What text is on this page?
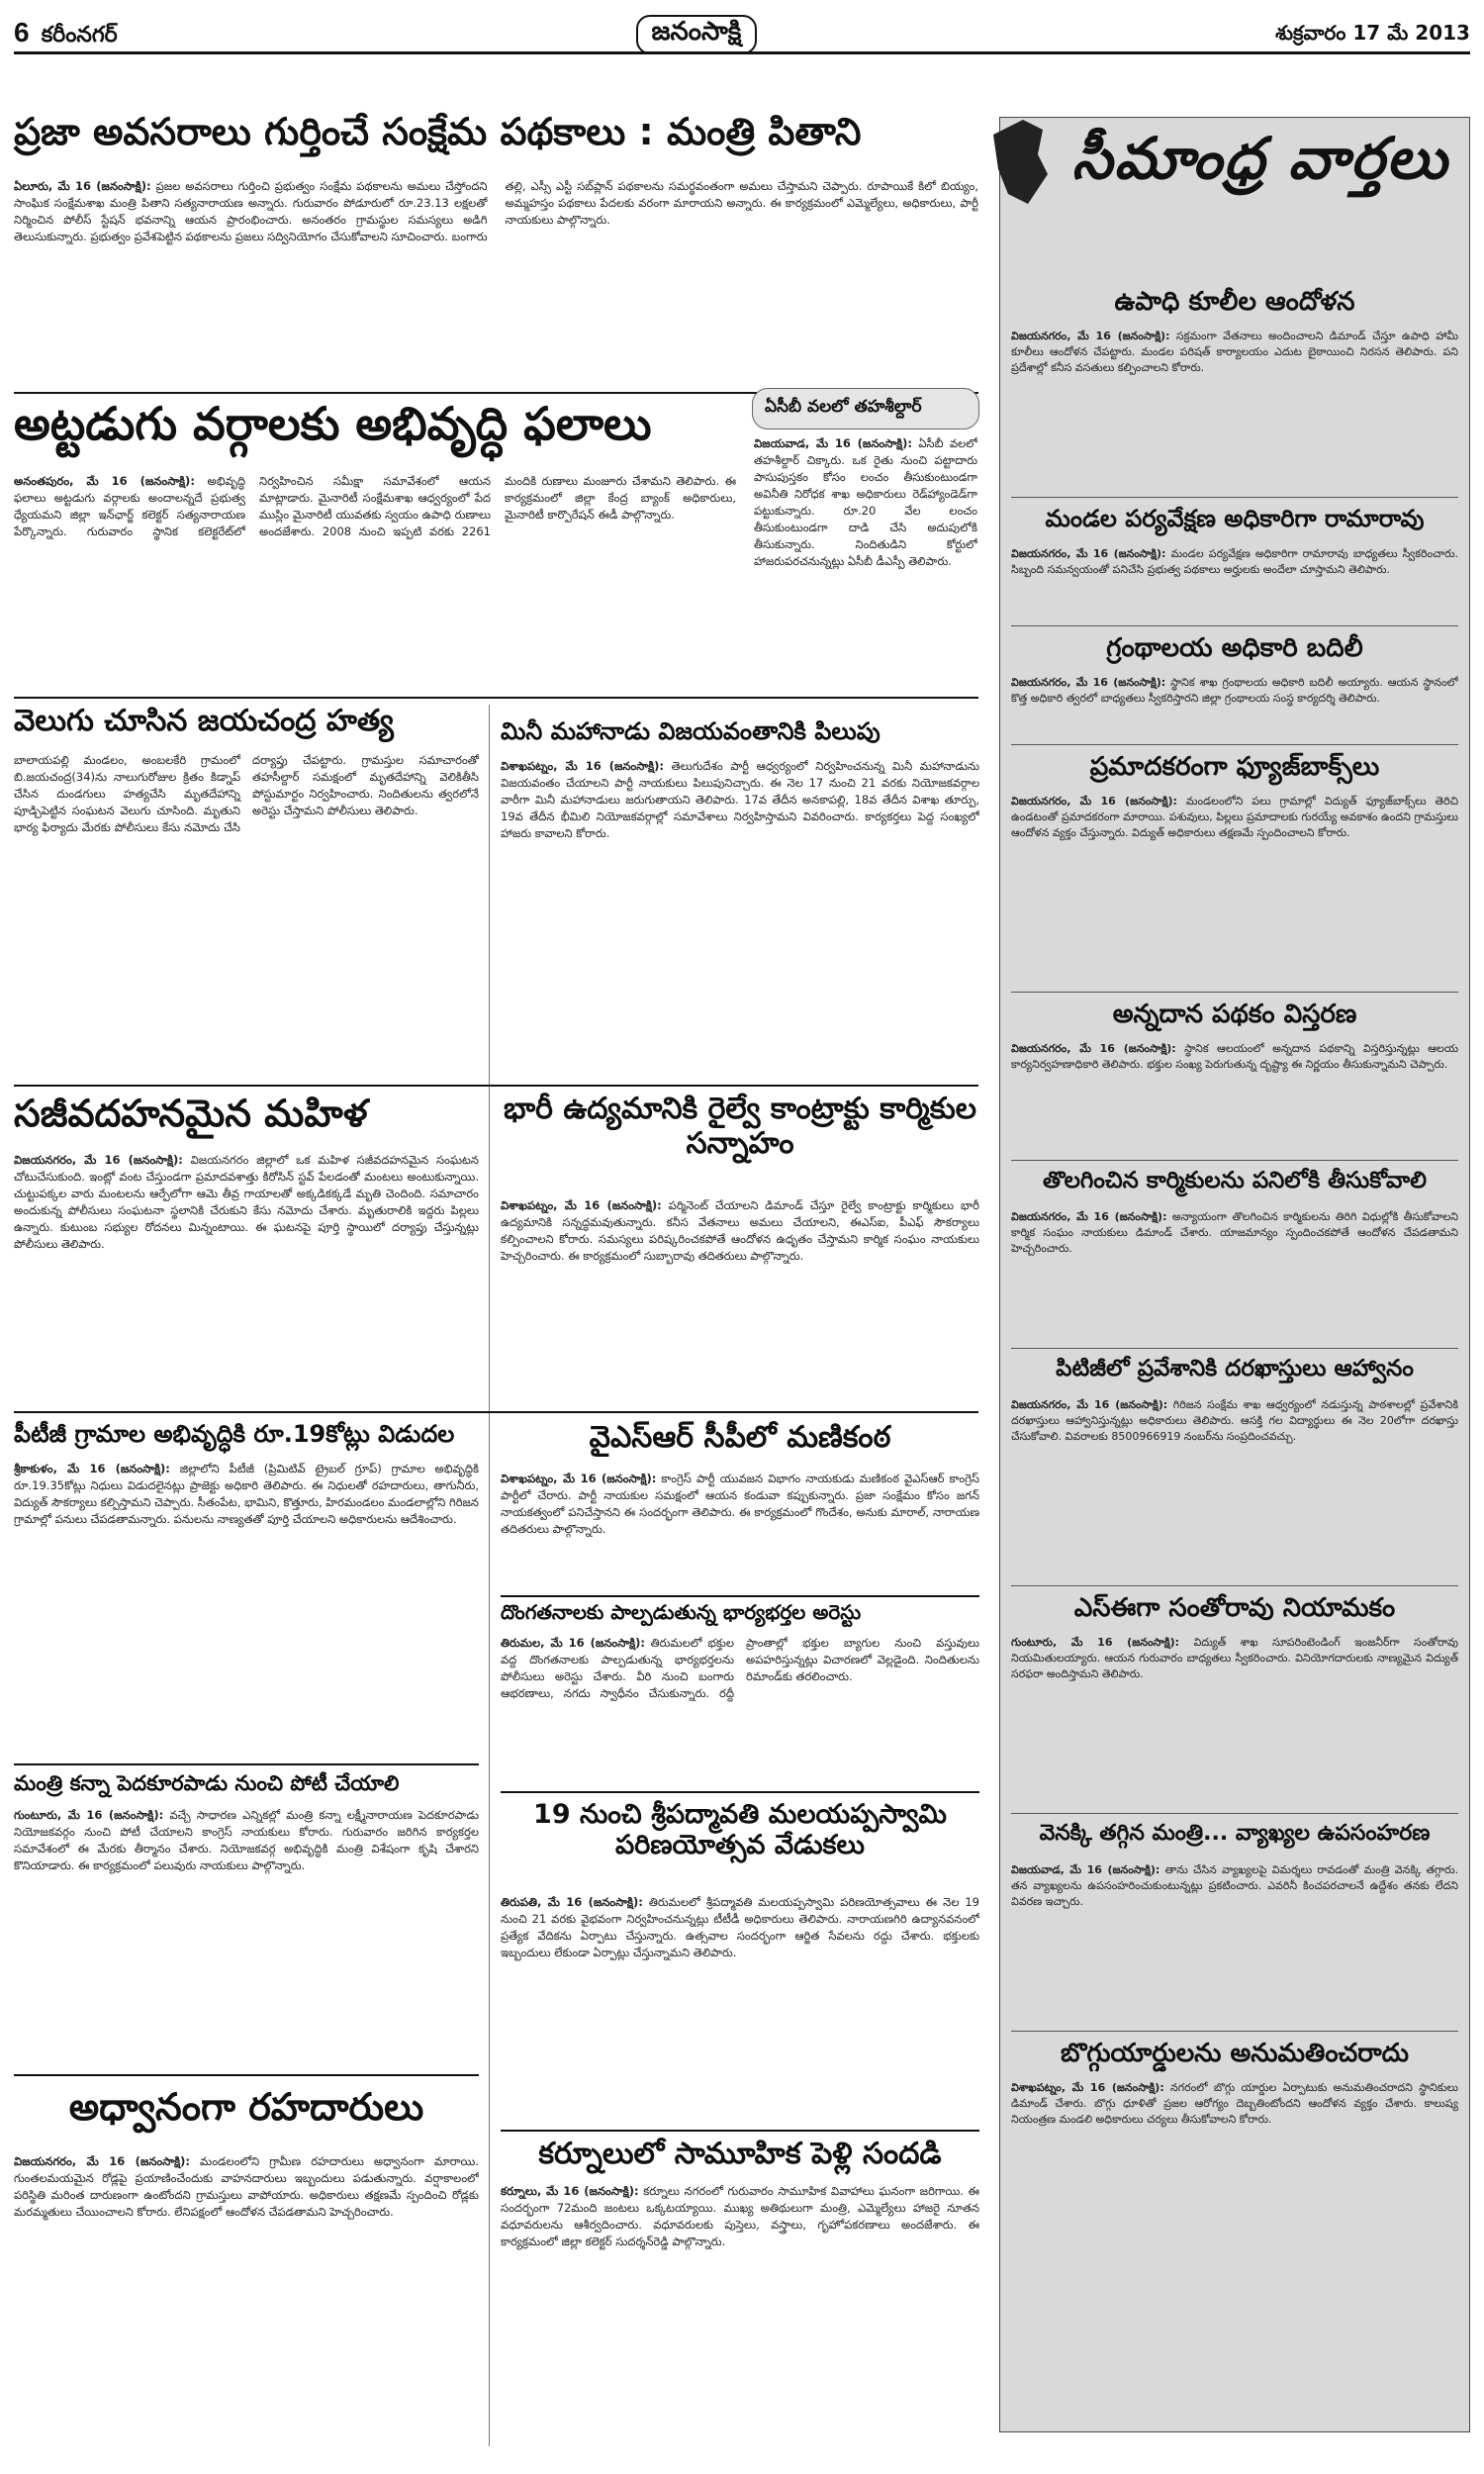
6 కరీంనగర్	జనంసాక్షి	శుక్రవారం 17 మే 2013
ప్రజా అవసరాలు గుర్తించే సంక్షేమ పథకాలు : మంత్రి పితాని

ఏలూరు, మే 16 (జనంసాక్షి): ప్రజల అవసరాలు గుర్తించి ప్రభుత్వం సంక్షేమ పథకాలను అమలు చేస్తోందని సాంఘిక సంక్షేమశాఖ మంత్రి పితాని సత్యనారాయణ అన్నారు. గురువారం పోడూరులో రూ.23.13 లక్షలతో నిర్మించిన పోలీస్ స్టేషన్ భవనాన్ని ఆయన ప్రారంభించారు. అనంతరం గ్రామస్థుల సమస్యలు అడిగి తెలుసుకున్నారు. ప్రభుత్వం ప్రవేశపెట్టిన పథకాలను ప్రజలు సద్వినియోగం చేసుకోవాలని సూచించారు. బంగారు తల్లి, ఎస్సీ ఎస్టీ సబ్‌ప్లాన్ పథకాలను సమర్థవంతంగా అమలు చేస్తామని చెప్పారు. రూపాయికే కిలో బియ్యం, అమ్మహస్తం పథకాలు పేదలకు వరంగా మారాయని అన్నారు. ఈ కార్యక్రమంలో ఎమ్మెల్యేలు, అధికారులు, పార్టీ నాయకులు పాల్గొన్నారు.

అట్టడుగు వర్గాలకు అభివృద్ధి ఫలాలు

అనంతపురం, మే 16 (జనంసాక్షి): అభివృద్ధి ఫలాలు అట్టడుగు వర్గాలకు అందాలన్నదే ప్రభుత్వ ధ్యేయమని జిల్లా ఇన్‌ఛార్జ్ కలెక్టర్ సత్యనారాయణ పేర్కొన్నారు. గురువారం స్థానిక కలెక్టరేట్‌లో నిర్వహించిన సమీక్షా సమావేశంలో ఆయన మాట్లాడారు. మైనారిటీ సంక్షేమశాఖ ఆధ్వర్యంలో పేద ముస్లిం మైనారిటీ యువతకు స్వయం ఉపాధి రుణాలు అందజేశారు. 2008 నుంచి ఇప్పటి వరకు 2261 మందికి రుణాలు మంజూరు చేశామని తెలిపారు. ఈ కార్యక్రమంలో జిల్లా కేంద్ర బ్యాంక్ అధికారులు, మైనారిటీ కార్పొరేషన్ ఈడీ పాల్గొన్నారు.

ఏసీబీ వలలో తహశీల్దార్

విజయవాడ, మే 16 (జనంసాక్షి): ఏసీబీ వలలో తహశీల్దార్ చిక్కారు. ఒక రైతు నుంచి పట్టాదారు పాసుపుస్తకం కోసం లంచం తీసుకుంటుండగా అవినీతి నిరోధక శాఖ అధికారులు రెడ్‌హ్యాండెడ్‌గా పట్టుకున్నారు. రూ.20 వేల లంచం తీసుకుంటుండగా దాడి చేసి అదుపులోకి తీసుకున్నారు. నిందితుడిని కోర్టులో హాజరుపరచనున్నట్లు ఏసీబీ డీఎస్పీ తెలిపారు.

వెలుగు చూసిన జయచంద్ర హత్య

బాలాయపల్లి మండలం, అంబలకేరి గ్రామంలో బి.జయచంద్ర(34)ను నాలుగురోజుల క్రితం కిడ్నాప్ చేసిన దుండగులు హత్యచేసి మృతదేహాన్ని పూడ్చిపెట్టిన సంఘటన వెలుగు చూసింది. మృతుని భార్య ఫిర్యాదు మేరకు పోలీసులు కేసు నమోదు చేసి దర్యాప్తు చేపట్టారు. గ్రామస్తుల సమాచారంతో తహసీల్దార్ సమక్షంలో మృతదేహాన్ని వెలికితీసి పోస్టుమార్టం నిర్వహించారు. నిందితులను త్వరలోనే అరెస్టు చేస్తామని పోలీసులు తెలిపారు.

మినీ మహానాడు విజయవంతానికి పిలుపు

విశాఖపట్నం, మే 16 (జనంసాక్షి): తెలుగుదేశం పార్టీ ఆధ్వర్యంలో నిర్వహించనున్న మినీ మహానాడును విజయవంతం చేయాలని పార్టీ నాయకులు పిలుపునిచ్చారు. ఈ నెల 17 నుంచి 21 వరకు నియోజకవర్గాల వారీగా మినీ మహానాడులు జరుగుతాయని తెలిపారు. 17వ తేదీన అనకాపల్లి, 18వ తేదీన విశాఖ తూర్పు, 19వ తేదీన భీమిలి నియోజకవర్గాల్లో సమావేశాలు నిర్వహిస్తామని వివరించారు. కార్యకర్తలు పెద్ద సంఖ్యలో హాజరు కావాలని కోరారు.

సజీవదహనమైన మహిళ

విజయనగరం, మే 16 (జనంసాక్షి): విజయనగరం జిల్లాలో ఒక మహిళ సజీవదహనమైన సంఘటన చోటుచేసుకుంది. ఇంట్లో వంట చేస్తుండగా ప్రమాదవశాత్తు కిరోసిన్ స్టవ్ పేలడంతో మంటలు అంటుకున్నాయి. చుట్టుపక్కల వారు మంటలను ఆర్పేలోగా ఆమె తీవ్ర గాయాలతో అక్కడికక్కడే మృతి చెందింది. సమాచారం అందుకున్న పోలీసులు సంఘటనా స్థలానికి చేరుకుని కేసు నమోదు చేశారు. మృతురాలికి ఇద్దరు పిల్లలు ఉన్నారు. కుటుంబ సభ్యుల రోదనలు మిన్నంటాయి. ఈ ఘటనపై పూర్తి స్థాయిలో దర్యాప్తు చేస్తున్నట్లు పోలీసులు తెలిపారు.

భారీ ఉద్యమానికి రైల్వే కాంట్రాక్టు కార్మికుల సన్నాహం

విశాఖపట్నం, మే 16 (జనంసాక్షి): పర్మినెంట్ చేయాలని డిమాండ్ చేస్తూ రైల్వే కాంట్రాక్టు కార్మికులు భారీ ఉద్యమానికి సన్నద్ధమవుతున్నారు. కనీస వేతనాలు అమలు చేయాలని, ఈఎస్‌ఐ, పీఎఫ్ సౌకర్యాలు కల్పించాలని కోరారు. సమస్యలు పరిష్కరించకపోతే ఆందోళన ఉధృతం చేస్తామని కార్మిక సంఘం నాయకులు హెచ్చరించారు. ఈ కార్యక్రమంలో సుబ్బారావు తదితరులు పాల్గొన్నారు.

పీటీజీ గ్రామాల అభివృద్ధికి రూ.19కోట్లు విడుదల

శ్రీకాకుళం, మే 16 (జనంసాక్షి): జిల్లాలోని పీటీజీ (ప్రిమిటివ్ ట్రైబల్ గ్రూప్) గ్రామాల అభివృద్ధికి రూ.19.35కోట్లు నిధులు విడుదలైనట్లు ప్రాజెక్టు అధికారి తెలిపారు. ఈ నిధులతో రహదారులు, తాగునీరు, విద్యుత్ సౌకర్యాలు కల్పిస్తామని చెప్పారు. సీతంపేట, భామిని, కొత్తూరు, హిరమండలం మండలాల్లోని గిరిజన గ్రామాల్లో పనులు చేపడతామన్నారు. పనులను నాణ్యతతో పూర్తి చేయాలని అధికారులను ఆదేశించారు.

వైఎస్‌ఆర్ సీపీలో మణికంఠ

విశాఖపట్నం, మే 16 (జనంసాక్షి): కాంగ్రెస్ పార్టీ యువజన విభాగం నాయకుడు మణికంఠ వైఎస్‌ఆర్ కాంగ్రెస్ పార్టీలో చేరారు. పార్టీ నాయకుల సమక్షంలో ఆయన కండువా కప్పుకున్నారు. ప్రజా సంక్షేమం కోసం జగన్ నాయకత్వంలో పనిచేస్తానని ఈ సందర్భంగా తెలిపారు. ఈ కార్యక్రమంలో గొందేశం, అనుకు మారాల్, నారాయణ తదితరులు పాల్గొన్నారు.

దొంగతనాలకు పాల్పడుతున్న భార్యభర్తల అరెస్టు

తిరుమల, మే 16 (జనంసాక్షి): తిరుమలలో భక్తుల వద్ద దొంగతనాలకు పాల్పడుతున్న భార్యభర్తలను పోలీసులు అరెస్టు చేశారు. వీరి నుంచి బంగారు ఆభరణాలు, నగదు స్వాధీనం చేసుకున్నారు. రద్దీ ప్రాంతాల్లో భక్తుల బ్యాగుల నుంచి వస్తువులు అపహరిస్తున్నట్లు విచారణలో వెల్లడైంది. నిందితులను రిమాండ్‌కు తరలించారు.

మంత్రి కన్నా పెదకూరపాడు నుంచి పోటీ చేయాలి

గుంటూరు, మే 16 (జనంసాక్షి): వచ్చే సాధారణ ఎన్నికల్లో మంత్రి కన్నా లక్ష్మీనారాయణ పెదకూరపాడు నియోజకవర్గం నుంచి పోటీ చేయాలని కాంగ్రెస్ నాయకులు కోరారు. గురువారం జరిగిన కార్యకర్తల సమావేశంలో ఈ మేరకు తీర్మానం చేశారు. నియోజకవర్గ అభివృద్ధికి మంత్రి విశేషంగా కృషి చేశారని కొనియాడారు. ఈ కార్యక్రమంలో పలువురు నాయకులు పాల్గొన్నారు.

19 నుంచి శ్రీపద్మావతి మలయప్పస్వామి పరిణయోత్సవ వేడుకలు

తిరుపతి, మే 16 (జనంసాక్షి): తిరుమలలో శ్రీపద్మావతి మలయప్పస్వామి పరిణయోత్సవాలు ఈ నెల 19 నుంచి 21 వరకు వైభవంగా నిర్వహించనున్నట్లు టీటీడీ అధికారులు తెలిపారు. నారాయణగిరి ఉద్యానవనంలో ప్రత్యేక వేదికను ఏర్పాటు చేస్తున్నారు. ఉత్సవాల సందర్భంగా ఆర్జిత సేవలను రద్దు చేశారు. భక్తులకు ఇబ్బందులు లేకుండా ఏర్పాట్లు చేస్తున్నామని తెలిపారు.

అధ్వానంగా రహదారులు

విజయనగరం, మే 16 (జనంసాక్షి): మండలంలోని గ్రామీణ రహదారులు అధ్వానంగా మారాయి. గుంతలమయమైన రోడ్లపై ప్రయాణించేందుకు వాహనదారులు ఇబ్బందులు పడుతున్నారు. వర్షాకాలంలో పరిస్థితి మరింత దారుణంగా ఉంటోందని గ్రామస్తులు వాపోయారు. అధికారులు తక్షణమే స్పందించి రోడ్లకు మరమ్మతులు చేయించాలని కోరారు. లేనిపక్షంలో ఆందోళన చేపడతామని హెచ్చరించారు.

కర్నూలులో సామూహిక పెళ్లి సందడి

కర్నూలు, మే 16 (జనంసాక్షి): కర్నూలు నగరంలో గురువారం సామూహిక వివాహాలు ఘనంగా జరిగాయి. ఈ సందర్భంగా 72మంది జంటలు ఒక్కటయ్యాయి. ముఖ్య అతిథులుగా మంత్రి, ఎమ్మెల్యేలు హాజరై నూతన వధూవరులను ఆశీర్వదించారు. వధూవరులకు పుస్తెలు, వస్త్రాలు, గృహోపకరణాలు అందజేశారు. ఈ కార్యక్రమంలో జిల్లా కలెక్టర్ సుదర్శన్‌రెడ్డి పాల్గొన్నారు.

సీమాంధ్ర వార్తలు
ఉపాధి కూలీల ఆందోళన
విజయనగరం, మే 16 (జనంసాక్షి): సక్రమంగా వేతనాలు అందించాలని డిమాండ్ చేస్తూ ఉపాధి హామీ కూలీలు ఆందోళన చేపట్టారు. మండల పరిషత్ కార్యాలయం ఎదుట బైఠాయించి నిరసన తెలిపారు. పని ప్రదేశాల్లో కనీస వసతులు కల్పించాలని కోరారు.
మండల పర్యవేక్షణ అధికారిగా రామారావు
విజయనగరం, మే 16 (జనంసాక్షి): మండల పర్యవేక్షణ అధికారిగా రామారావు బాధ్యతలు స్వీకరించారు. సిబ్బంది సమన్వయంతో పనిచేసి ప్రభుత్వ పథకాలు అర్హులకు అందేలా చూస్తామని తెలిపారు.
గ్రంథాలయ అధికారి బదిలీ
విజయనగరం, మే 16 (జనంసాక్షి): స్థానిక శాఖ గ్రంథాలయ అధికారి బదిలీ అయ్యారు. ఆయన స్థానంలో కొత్త అధికారి త్వరలో బాధ్యతలు స్వీకరిస్తారని జిల్లా గ్రంథాలయ సంస్థ కార్యదర్శి తెలిపారు.
ప్రమాదకరంగా ఫ్యూజ్‌బాక్స్‌లు
విజయనగరం, మే 16 (జనంసాక్షి): మండలంలోని పలు గ్రామాల్లో విద్యుత్ ఫ్యూజ్‌బాక్స్‌లు తెరిచి ఉండటంతో ప్రమాదకరంగా మారాయి. పశువులు, పిల్లలు ప్రమాదాలకు గురయ్యే అవకాశం ఉందని గ్రామస్తులు ఆందోళన వ్యక్తం చేస్తున్నారు. విద్యుత్ అధికారులు తక్షణమే స్పందించాలని కోరారు.
అన్నదాన పథకం విస్తరణ
విజయనగరం, మే 16 (జనంసాక్షి): స్థానిక ఆలయంలో అన్నదాన పథకాన్ని విస్తరిస్తున్నట్లు ఆలయ కార్యనిర్వహణాధికారి తెలిపారు. భక్తుల సంఖ్య పెరుగుతున్న దృష్ట్యా ఈ నిర్ణయం తీసుకున్నామని చెప్పారు.
తొలగించిన కార్మికులను పనిలోకి తీసుకోవాలి
విజయనగరం, మే 16 (జనంసాక్షి): అన్యాయంగా తొలగించిన కార్మికులను తిరిగి విధుల్లోకి తీసుకోవాలని కార్మిక సంఘం నాయకులు డిమాండ్ చేశారు. యాజమాన్యం స్పందించకపోతే ఆందోళన చేపడతామని హెచ్చరించారు.
పిటిజీలో ప్రవేశానికి దరఖాస్తులు ఆహ్వానం
విజయనగరం, మే 16 (జనంసాక్షి): గిరిజన సంక్షేమ శాఖ ఆధ్వర్యంలో నడుస్తున్న పాఠశాలల్లో ప్రవేశానికి దరఖాస్తులు ఆహ్వానిస్తున్నట్లు అధికారులు తెలిపారు. ఆసక్తి గల విద్యార్థులు ఈ నెల 20లోగా దరఖాస్తు చేసుకోవాలి. వివరాలకు 8500966919 నంబర్‌ను సంప్రదించవచ్చు.
ఎస్‌ఈగా సంతోరావు నియామకం
గుంటూరు, మే 16 (జనంసాక్షి): విద్యుత్ శాఖ సూపరింటెండింగ్ ఇంజనీర్‌గా సంతోరావు నియమితులయ్యారు. ఆయన గురువారం బాధ్యతలు స్వీకరించారు. వినియోగదారులకు నాణ్యమైన విద్యుత్ సరఫరా అందిస్తామని తెలిపారు.
వెనక్కి తగ్గిన మంత్రి... వ్యాఖ్యల ఉపసంహరణ
విజయవాడ, మే 16 (జనంసాక్షి): తాను చేసిన వ్యాఖ్యలపై విమర్శలు రావడంతో మంత్రి వెనక్కి తగ్గారు. తన వ్యాఖ్యలను ఉపసంహరించుకుంటున్నట్లు ప్రకటించారు. ఎవరినీ కించపరచాలనే ఉద్దేశం తనకు లేదని వివరణ ఇచ్చారు.
బొగ్గుయార్డులను అనుమతించరాదు
విశాఖపట్నం, మే 16 (జనంసాక్షి): నగరంలో బొగ్గు యార్డుల ఏర్పాటుకు అనుమతించరాదని స్థానికులు డిమాండ్ చేశారు. బొగ్గు ధూళితో ప్రజల ఆరోగ్యం దెబ్బతింటోందని ఆందోళన వ్యక్తం చేశారు. కాలుష్య నియంత్రణ మండలి అధికారులు చర్యలు తీసుకోవాలని కోరారు.
